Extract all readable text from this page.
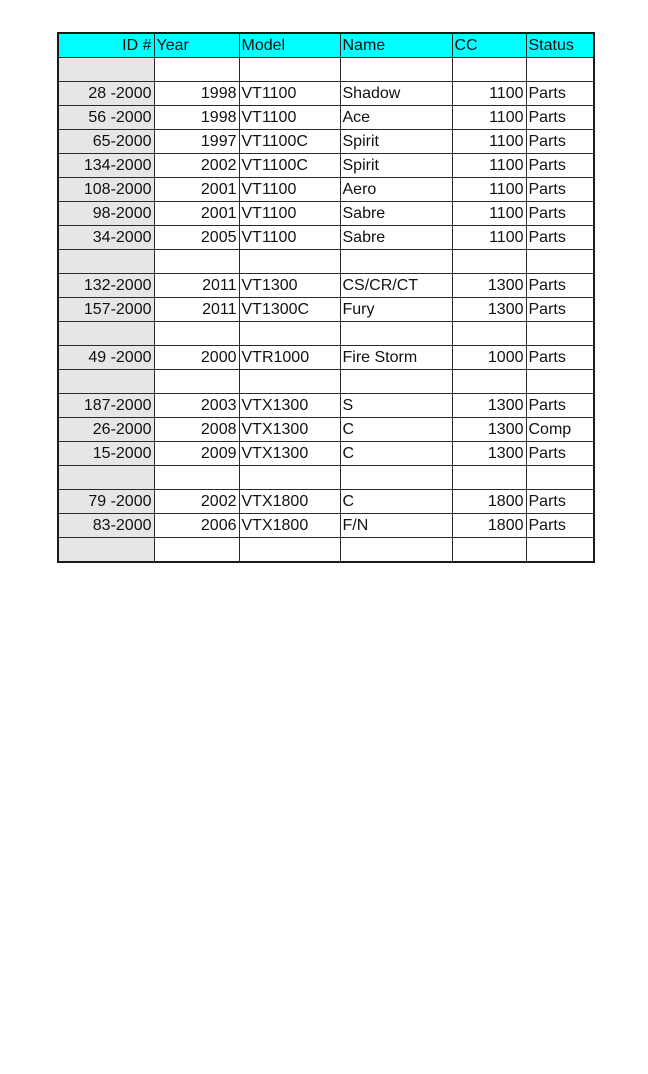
ID #	Year	Model	Name	CC	Status

28 -2000	1998	VT1100	Shadow	1100	Parts
56 -2000	1998	VT1100	Ace	1100	Parts
65-2000	1997	VT1100C	Spirit	1100	Parts
134-2000	2002	VT1100C	Spirit	1100	Parts
108-2000	2001	VT1100	Aero	1100	Parts
98-2000	2001	VT1100	Sabre	1100	Parts
34-2000	2005	VT1100	Sabre	1100	Parts

132-2000	2011	VT1300	CS/CR/CT	1300	Parts
157-2000	2011	VT1300C	Fury	1300	Parts

49 -2000	2000	VTR1000	Fire Storm	1000	Parts

187-2000	2003	VTX1300	S	1300	Parts
26-2000	2008	VTX1300	C	1300	Comp
15-2000	2009	VTX1300	C	1300	Parts

79 -2000	2002	VTX1800	C	1800	Parts
83-2000	2006	VTX1800	F/N	1800	Parts
